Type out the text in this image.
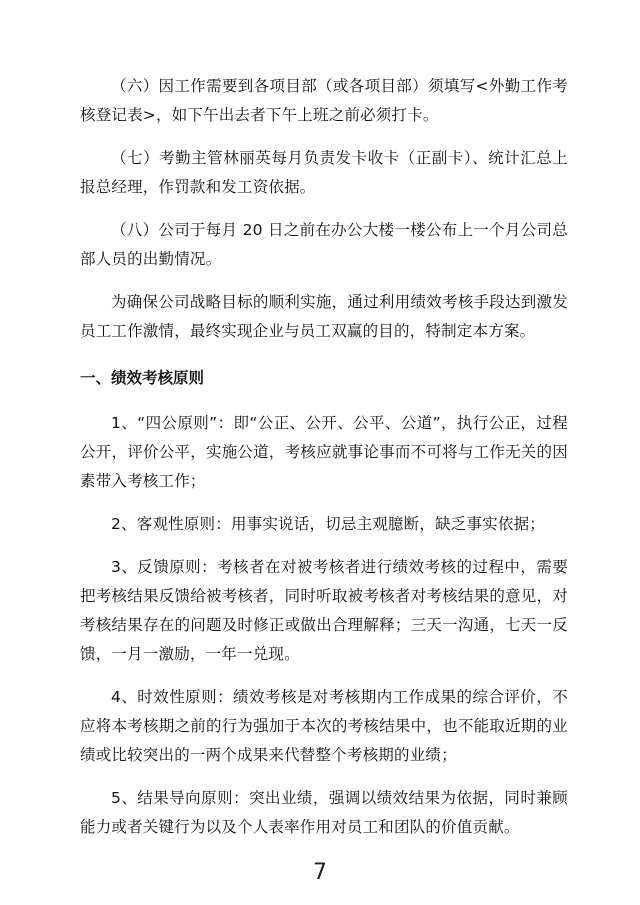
（六）因工作需要到各项目部（或各项目部）须填写<外勤工作考核登记表>，如下午出去者下午上班之前必须打卡。

（七）考勤主管林丽英每月负责发卡收卡（正副卡）、统计汇总上报总经理，作罚款和发工资依据。

（八）公司于每月 20 日之前在办公大楼一楼公布上一个月公司总部人员的出勤情况。

为确保公司战略目标的顺利实施，通过利用绩效考核手段达到激发员工工作激情，最终实现企业与员工双赢的目的，特制定本方案。

一、绩效考核原则

1、“四公原则”：即“公正、公开、公平、公道”，执行公正，过程公开，评价公平，实施公道，考核应就事论事而不可将与工作无关的因素带入考核工作；

2、客观性原则：用事实说话，切忌主观臆断，缺乏事实依据；

3、反馈原则：考核者在对被考核者进行绩效考核的过程中，需要把考核结果反馈给被考核者，同时听取被考核者对考核结果的意见，对考核结果存在的问题及时修正或做出合理解释；三天一沟通，七天一反馈，一月一激励，一年一兑现。

4、时效性原则：绩效考核是对考核期内工作成果的综合评价，不应将本考核期之前的行为强加于本次的考核结果中，也不能取近期的业绩或比较突出的一两个成果来代替整个考核期的业绩；

5、结果导向原则：突出业绩，强调以绩效结果为依据，同时兼顾能力或者关键行为以及个人表率作用对员工和团队的价值贡献。

7
